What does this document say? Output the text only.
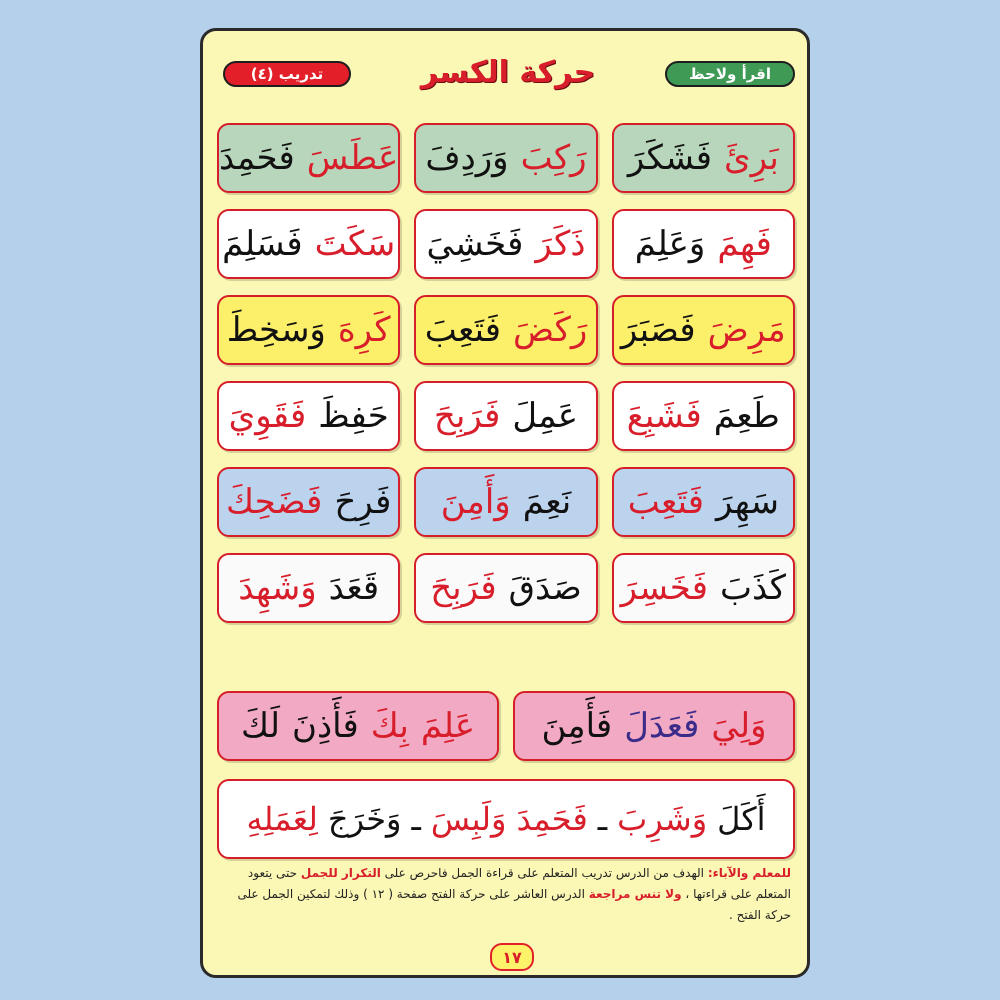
اقرأ ولاحظ
حركة الكسر
تدريب (٤)
عَطَسَ
فَحَمِدَ	رَكِبَ
وَرَدِفَ	بَرِئَ
فَشَكَرَ
سَكَتَ
فَسَلِمَ	ذَكَرَ
فَخَشِيَ	فَهِمَ
وَعَلِمَ
كَرِهَ
وَسَخِطَ	رَكَضَ
فَتَعِبَ	مَرِضَ
فَصَبَرَ
حَفِظَ
فَقَوِيَ	عَمِلَ
فَرَبِحَ	طَعِمَ
فَشَبِعَ
فَرِحَ
فَضَحِكَ	نَعِمَ
وَأَمِنَ	سَهِرَ
فَتَعِبَ
قَعَدَ
وَشَهِدَ	صَدَقَ
فَرَبِحَ	كَذَبَ
فَخَسِرَ
وَلِيَ
فَعَدَلَ
فَأَمِنَ
عَلِمَ
بِكَ
فَأَذِنَ
لَكَ
أَكَلَ
وَشَرِبَ
ـ
فَحَمِدَ
وَلَبِسَ
ـ
وَخَرَجَ
لِعَمَلِهِ
للمعلم والآباء: الهدف من الدرس تدريب المتعلم على قراءة الجمل فاحرص على التكرار للجمل حتى يتعود المتعلم على قراءتها ، ولا تنس مراجعة الدرس العاشر على حركة الفتح صفحة ( ١٢ ) وذلك لتمكين الجمل على حركة الفتح .
١٧
